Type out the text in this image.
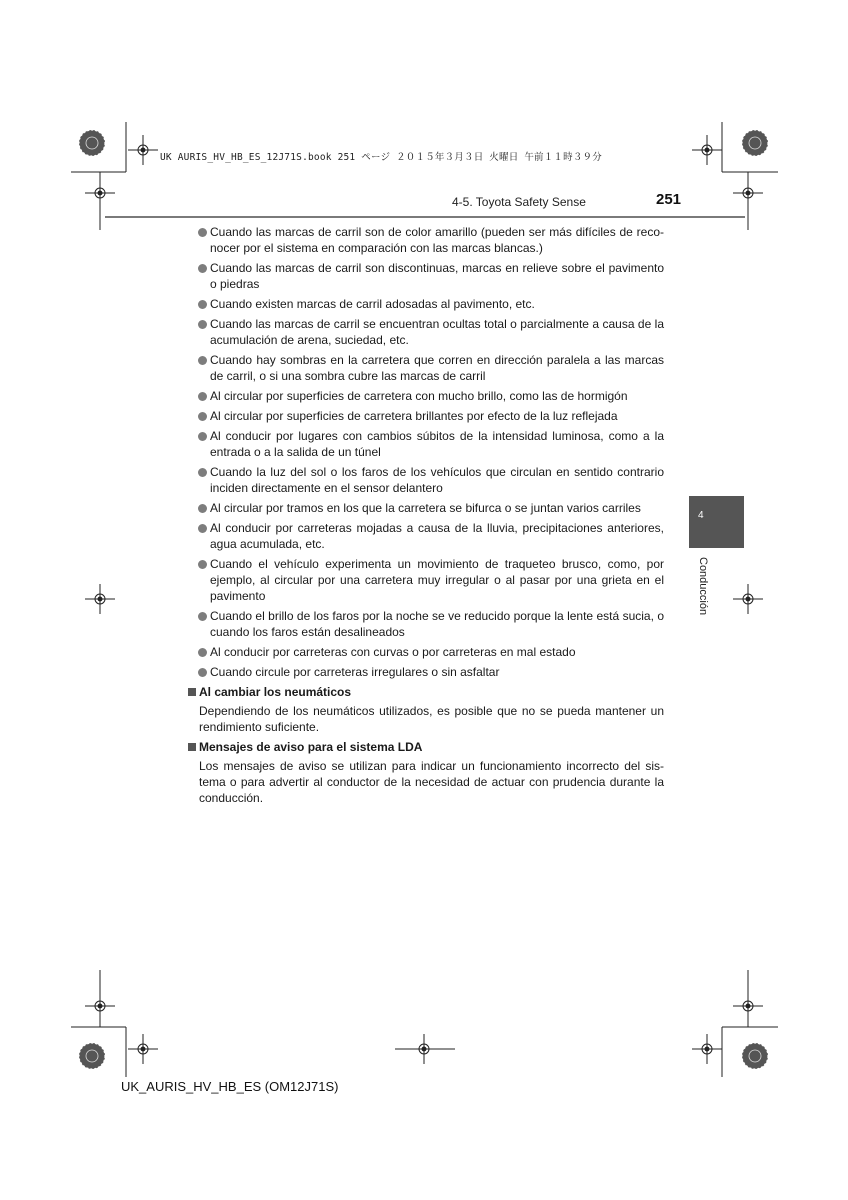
UK AURIS_HV_HB_ES_12J71S.book 251 ページ ２０１５年３月３日 火曜日 午前１１時３９分
4-5. Toyota Safety Sense	251
4
Conducción
Cuando las marcas de carril son de color amarillo (pueden ser más difíciles de reconocer por el sistema en comparación con las marcas blancas.)
Cuando las marcas de carril son discontinuas, marcas en relieve sobre el pavimento o piedras
Cuando existen marcas de carril adosadas al pavimento, etc.
Cuando las marcas de carril se encuentran ocultas total o parcialmente a causa de la acumulación de arena, suciedad, etc.
Cuando hay sombras en la carretera que corren en dirección paralela a las marcas de carril, o si una sombra cubre las marcas de carril
Al circular por superficies de carretera con mucho brillo, como las de hormigón
Al circular por superficies de carretera brillantes por efecto de la luz reflejada
Al conducir por lugares con cambios súbitos de la intensidad luminosa, como a la entrada o a la salida de un túnel
Cuando la luz del sol o los faros de los vehículos que circulan en sentido contrario inciden directamente en el sensor delantero
Al circular por tramos en los que la carretera se bifurca o se juntan varios carriles
Al conducir por carreteras mojadas a causa de la lluvia, precipitaciones anteriores, agua acumulada, etc.
Cuando el vehículo experimenta un movimiento de traqueteo brusco, como, por ejemplo, al circular por una carretera muy irregular o al pasar por una grieta en el pavimento
Cuando el brillo de los faros por la noche se ve reducido porque la lente está sucia, o cuando los faros están desalineados
Al conducir por carreteras con curvas o por carreteras en mal estado
Cuando circule por carreteras irregulares o sin asfaltar
Al cambiar los neumáticos
Dependiendo de los neumáticos utilizados, es posible que no se pueda mantener un rendimiento suficiente.
Mensajes de aviso para el sistema LDA
Los mensajes de aviso se utilizan para indicar un funcionamiento incorrecto del sistema o para advertir al conductor de la necesidad de actuar con prudencia durante la conducción.
UK_AURIS_HV_HB_ES (OM12J71S)
